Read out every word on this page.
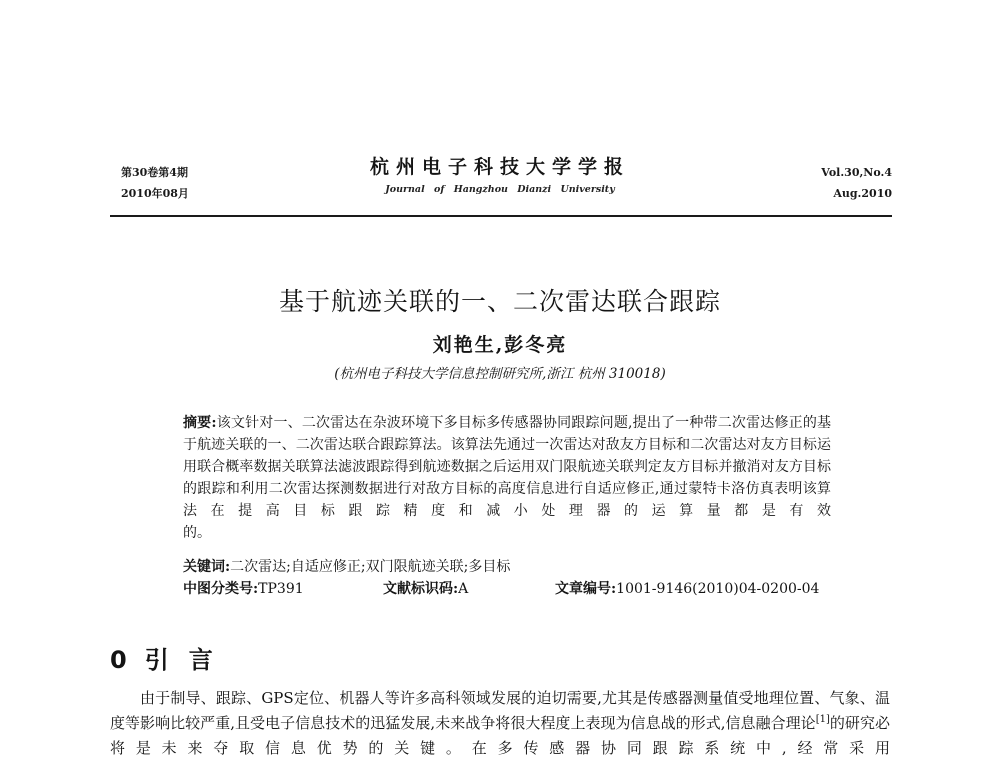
第30卷第4期
2010年08月
杭州电子科技大学学报
Journal of Hangzhou Dianzi University
Vol.30,No.4
Aug.2010
基于航迹关联的一、二次雷达联合跟踪
刘艳生,彭冬亮
(杭州电子科技大学信息控制研究所,浙江 杭州 310018)
摘要:该文针对一、二次雷达在杂波环境下多目标多传感器协同跟踪问题,提出了一种带二次雷达修正的基于航迹关联的一、二次雷达联合跟踪算法。该算法先通过一次雷达对敌友方目标和二次雷达对友方目标运用联合概率数据关联算法滤波跟踪得到航迹数据之后运用双门限航迹关联判定友方目标并撤消对友方目标的跟踪和利用二次雷达探测数据进行对敌方目标的高度信息进行自适应修正,通过蒙特卡洛仿真表明该算法在提高目标跟踪精度和减小处理器的运算量都是有效
的。
关键词:二次雷达;自适应修正;双门限航迹关联;多目标
中图分类号:TP391	文献标识码:A	文章编号:1001-9146(2010)04-0200-04
0 引言

由于制导、跟踪、GPS定位、机器人等许多高科领域发展的迫切需要,尤其是传感器测量值受地理位置、气象、温度等影响比较严重,且受电子信息技术的迅猛发展,未来战争将很大程度上表现为信息战的形式,信息融合理论[1]的研究必将是未来夺取信息优势的关键。在多传感器协同跟踪系统中,经常采用
